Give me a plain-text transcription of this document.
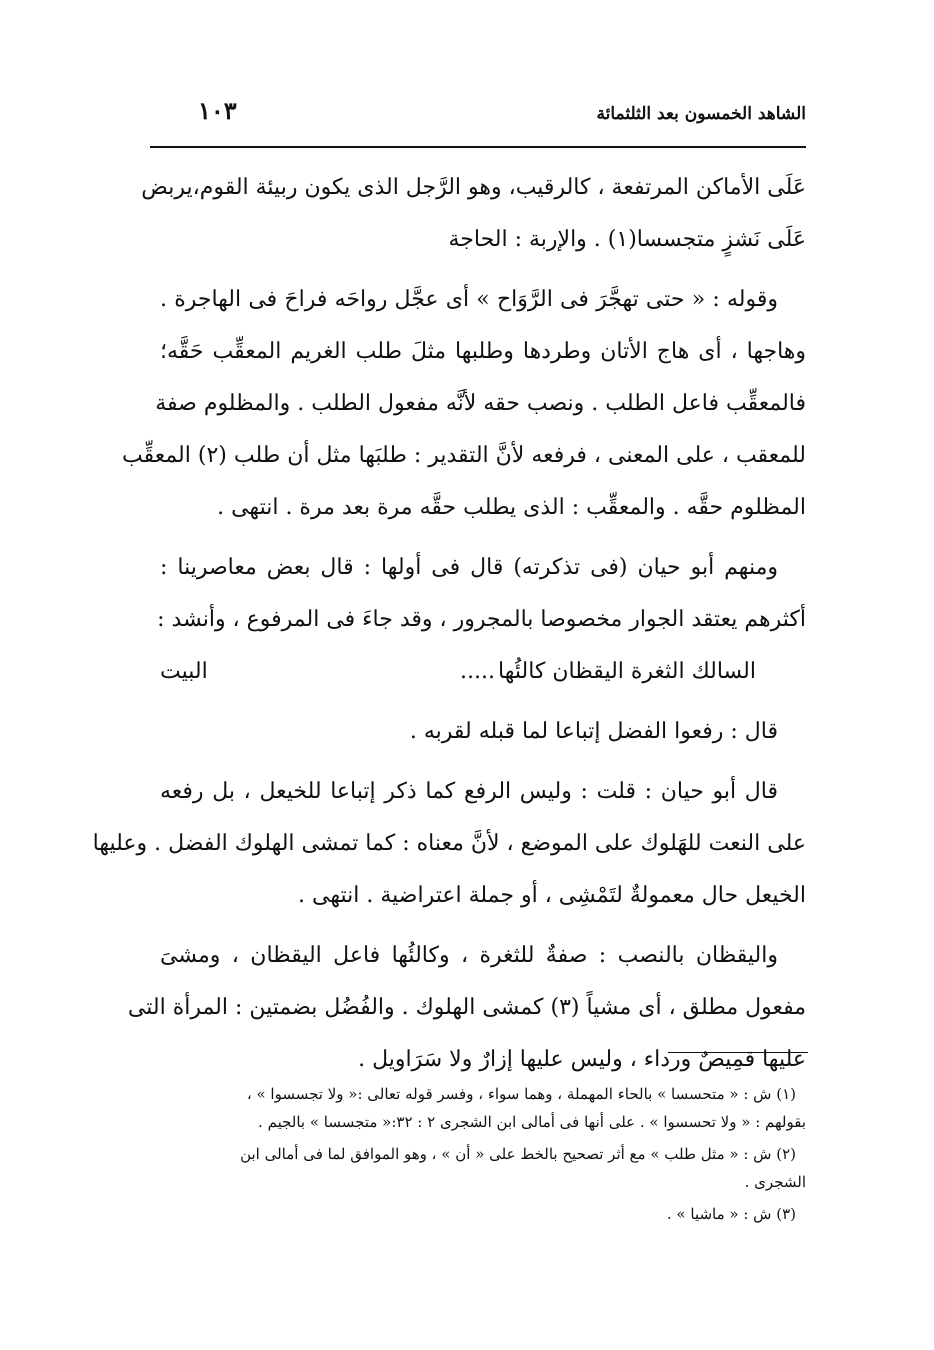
الشاهد الخمسون بعد الثلثمائة
١٠٣
عَلَى الأماكن المرتفعة ، كالرقيب، وهو الرَّجل الذى يكون ربيئة القوم،يربض
عَلَى نَشزٍ متجسسا(١) . والإربة : الحاجة
وقوله : « حتى تهجَّرَ فى الرَّوَاح » أى عجَّل رواحَه فراحَ فى الهاجرة .
وهاجها ، أى هاج الأتان وطردها وطلبها مثلَ طلب الغريم المعقِّب حَقَّه؛
فالمعقِّب فاعل الطلب . ونصب حقه لأنَّه مفعول الطلب . والمظلوم صفة
للمعقب ، على المعنى ، فرفعه لأنَّ التقدير : طلبَها مثل أن طلب (٢) المعقِّب
المظلوم حقَّه . والمعقِّب : الذى يطلب حقَّه مرة بعد مرة . انتهى .
ومنهم أبو حيان (فى تذكرته) قال فى أولها : قال بعض معاصرينا :
أكثرهم يعتقد الجوار مخصوصا بالمجرور ، وقد جاءَ فى المرفوع ، وأنشد :
السالك الثغرة اليقظان كالئُها
.....
البيت
قال : رفعوا الفضل إتباعا لما قبله لقربه .
قال أبو حيان : قلت : وليس الرفع كما ذكر إتباعا للخيعل ، بل رفعه
على النعت للهَلوك على الموضع ، لأنَّ معناه : كما تمشى الهلوك الفضل . وعليها
الخيعل حال معمولةٌ لتَمْشِى ، أو جملة اعتراضية . انتهى .
واليقظان بالنصب : صفةٌ للثغرة ، وكالئُها فاعل اليقظان ، ومشىَ
مفعول مطلق ، أى مشياً (٣) كمشى الهلوك . والفُضُل بضمتين : المرأة التى
عليها قمِيصٌ ورداء ، وليس عليها إزارٌ ولا سَرَاويل .
(١) ش : « متحسسا » بالحاء المهملة ، وهما سواء ، وفسر قوله تعالى :« ولا تجسسوا » ،
بقولهم : « ولا تحسسوا » . على أنها فى أمالى ابن الشجرى ٢ : ٣٢:« متجسسا » بالجيم .
(٢) ش : « مثل طلب » مع أثر تصحيح بالخط على « أن » ، وهو الموافق لما فى أمالى ابن
الشجرى .
(٣) ش : « ماشيا » .
